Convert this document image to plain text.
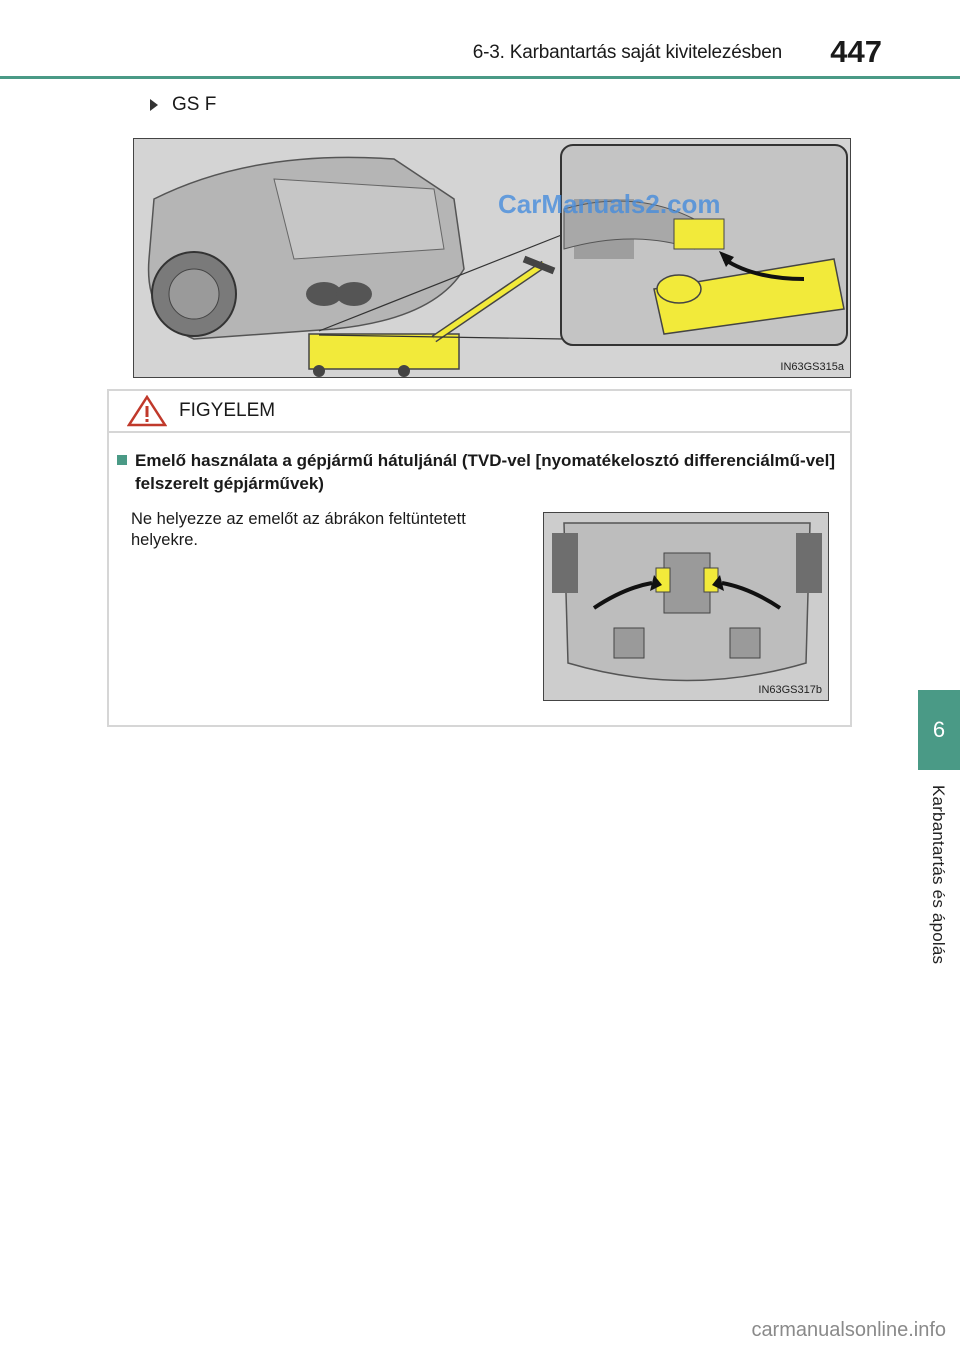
6-3. Karbantartás saját kivitelezésben 447
GS F
CarManuals2.com
IN63GS315a
FIGYELEM
Emelő használata a gépjármű hátuljánál (TVD-vel [nyomatékelosztó differenciálmű-vel] felszerelt gépjárművek)
Ne helyezze az emelőt az ábrákon feltüntetett helyekre.
IN63GS317b
6
Karbantartás és ápolás
carmanualsonline.info
